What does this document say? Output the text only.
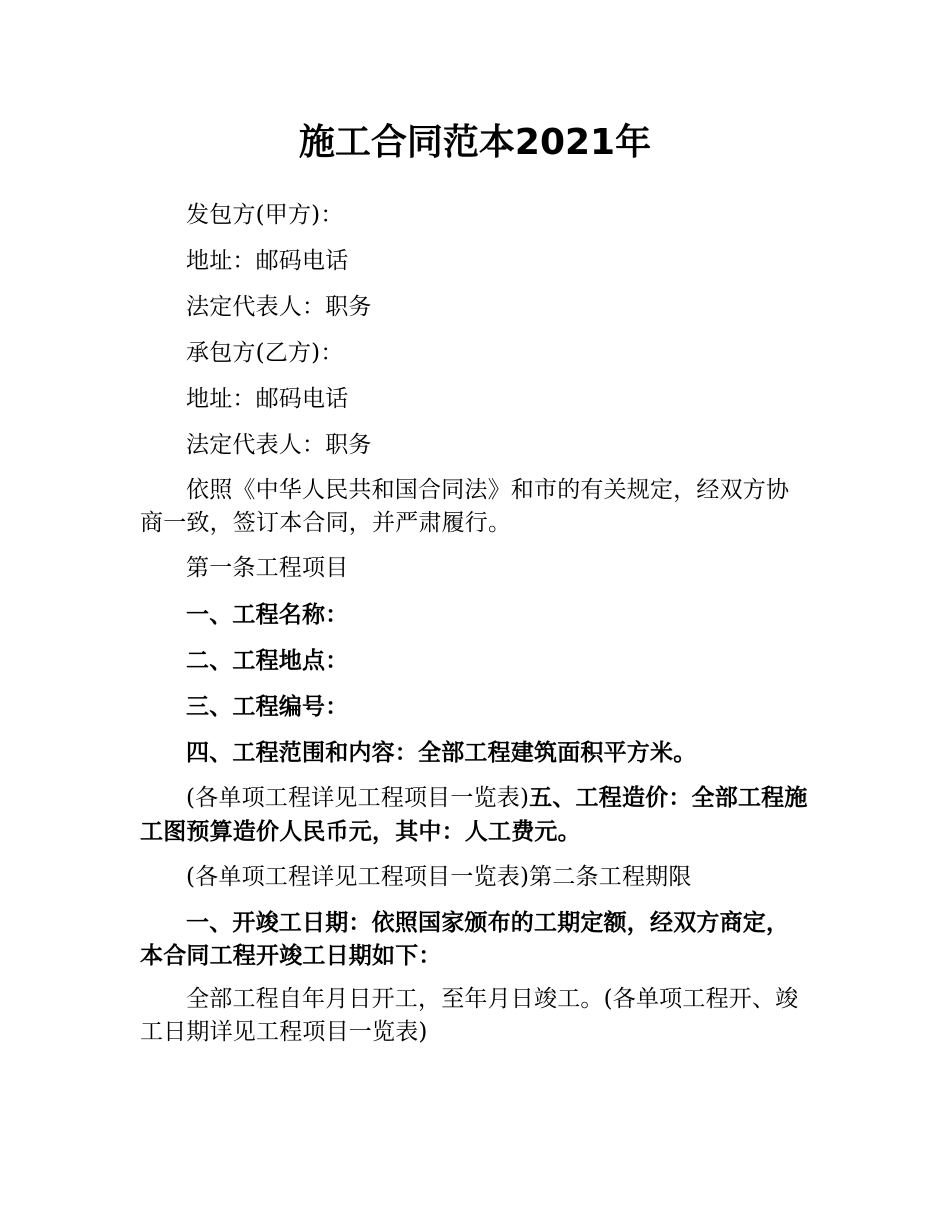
施工合同范本2021年

发包方(甲方)：

地址：邮码电话

法定代表人：职务

承包方(乙方)：

地址：邮码电话

法定代表人：职务

依照《中华人民共和国合同法》和市的有关规定，经双方协商一致，签订本合同，并严肃履行。

第一条工程项目

一、工程名称：

二、工程地点：

三、工程编号：

四、工程范围和内容：全部工程建筑面积平方米。

(各单项工程详见工程项目一览表)五、工程造价：全部工程施工图预算造价人民币元，其中：人工费元。

(各单项工程详见工程项目一览表)第二条工程期限

一、开竣工日期：依照国家颁布的工期定额，经双方商定，本合同工程开竣工日期如下：

全部工程自年月日开工，至年月日竣工。(各单项工程开、竣工日期详见工程项目一览表)
